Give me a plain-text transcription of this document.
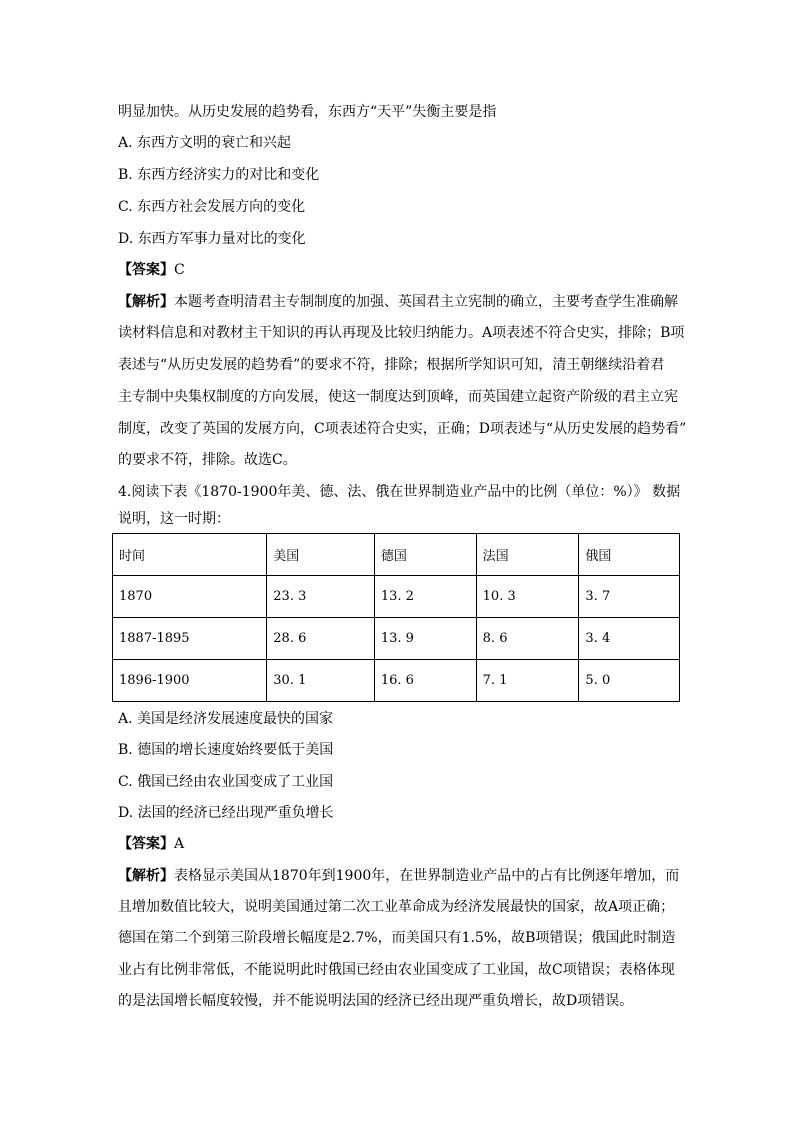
明显加快。从历史发展的趋势看，东西方“天平”失衡主要是指
A. 东西方文明的衰亡和兴起
B. 东西方经济实力的对比和变化
C. 东西方社会发展方向的变化
D. 东西方军事力量对比的变化
【答案】C
【解析】本题考查明清君主专制制度的加强、英国君主立宪制的确立，主要考查学生准确解
读材料信息和对教材主干知识的再认再现及比较归纳能力。A项表述不符合史实，排除；B项
表述与“从历史发展的趋势看”的要求不符，排除；根据所学知识可知，清王朝继续沿着君
主专制中央集权制度的方向发展，使这一制度达到顶峰，而英国建立起资产阶级的君主立宪
制度，改变了英国的发展方向，C项表述符合史实，正确；D项表述与“从历史发展的趋势看”
的要求不符，排除。故选C。
4.阅读下表《1870-1900年美、德、法、俄在世界制造业产品中的比例（单位：%）》 数据
说明，这一时期：
时间	美国	德国	法国	俄国
1870	23. 3	13. 2	10. 3	3. 7
1887-1895	28. 6	13. 9	8. 6	3. 4
1896-1900	30. 1	16. 6	7. 1	5. 0
A. 美国是经济发展速度最快的国家
B. 德国的增长速度始终要低于美国
C. 俄国已经由农业国变成了工业国
D. 法国的经济已经出现严重负增长
【答案】A
【解析】表格显示美国从1870年到1900年，在世界制造业产品中的占有比例逐年增加，而
且增加数值比较大，说明美国通过第二次工业革命成为经济发展最快的国家，故A项正确；
德国在第二个到第三阶段增长幅度是2.7%，而美国只有1.5%，故B项错误；俄国此时制造
业占有比例非常低，不能说明此时俄国已经由农业国变成了工业国，故C项错误；表格体现
的是法国增长幅度较慢，并不能说明法国的经济已经出现严重负增长，故D项错误。
